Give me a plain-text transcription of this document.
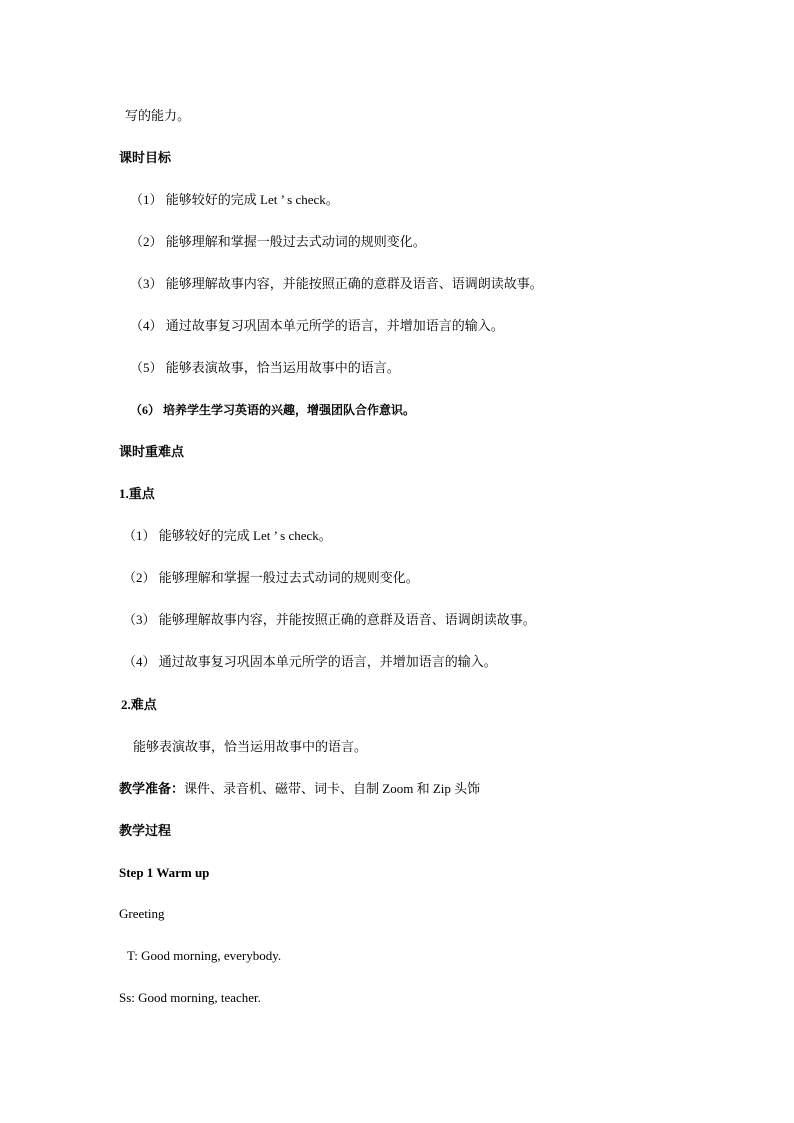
写的能力。
课时目标
（1） 能够较好的完成 Let ’ s check。
（2） 能够理解和掌握一般过去式动词的规则变化。
（3） 能够理解故事内容，并能按照正确的意群及语音、语调朗读故事。
（4） 通过故事复习巩固本单元所学的语言，并增加语言的输入。
（5） 能够表演故事，恰当运用故事中的语言。
（6） 培养学生学习英语的兴趣，增强团队合作意识。
课时重难点
1.重点
（1） 能够较好的完成 Let ’ s check。
（2） 能够理解和掌握一般过去式动词的规则变化。
（3） 能够理解故事内容，并能按照正确的意群及语音、语调朗读故事。
（4） 通过故事复习巩固本单元所学的语言，并增加语言的输入。
2.难点
能够表演故事，恰当运用故事中的语言。
教学准备：课件、录音机、磁带、词卡、自制 Zoom 和 Zip 头饰
教学过程
Step 1 Warm up
Greeting
T: Good morning, everybody.
Ss: Good morning, teacher.
